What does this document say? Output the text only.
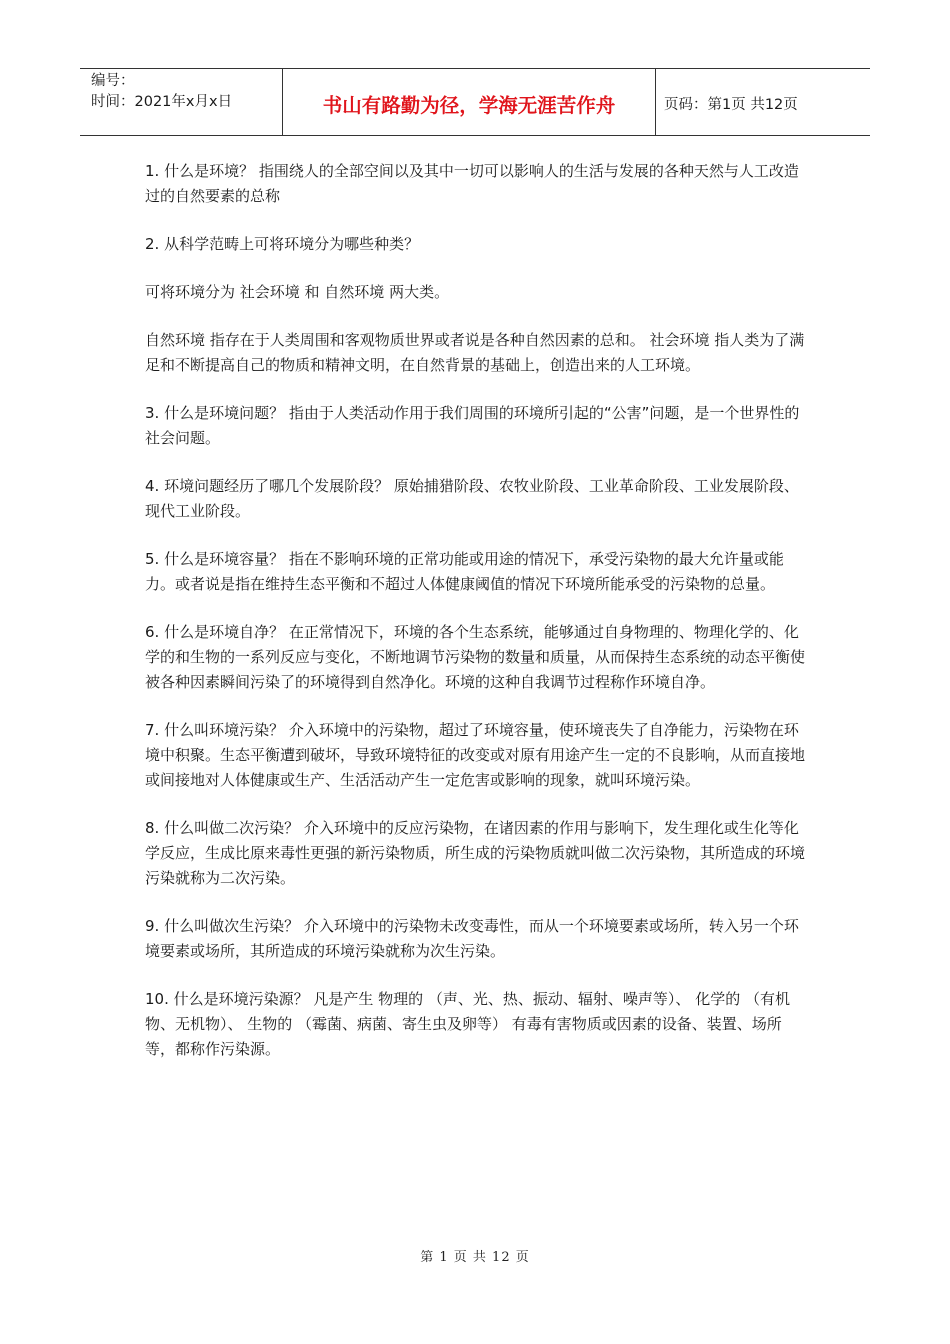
编号：
时间：2021年x月x日	书山有路勤为径，学海无涯苦作舟	页码：第1页 共12页

1. 什么是环境？ 指围绕人的全部空间以及其中一切可以影响人的生活与发展的各种天然与人工改造过的自然要素的总称

2. 从科学范畴上可将环境分为哪些种类？

可将环境分为 社会环境 和 自然环境 两大类。

自然环境 指存在于人类周围和客观物质世界或者说是各种自然因素的总和。 社会环境 指人类为了满足和不断提高自己的物质和精神文明，在自然背景的基础上，创造出来的人工环境。

3. 什么是环境问题？ 指由于人类活动作用于我们周围的环境所引起的“公害”问题，是一个世界性的社会问题。

4. 环境问题经历了哪几个发展阶段？ 原始捕猎阶段、农牧业阶段、工业革命阶段、工业发展阶段、现代工业阶段。

5. 什么是环境容量？ 指在不影响环境的正常功能或用途的情况下，承受污染物的最大允许量或能力。或者说是指在维持生态平衡和不超过人体健康阈值的情况下环境所能承受的污染物的总量。

6. 什么是环境自净？ 在正常情况下，环境的各个生态系统，能够通过自身物理的、物理化学的、化学的和生物的一系列反应与变化，不断地调节污染物的数量和质量，从而保持生态系统的动态平衡使被各种因素瞬间污染了的环境得到自然净化。环境的这种自我调节过程称作环境自净。

7. 什么叫环境污染？ 介入环境中的污染物，超过了环境容量，使环境丧失了自净能力，污染物在环境中积聚。生态平衡遭到破坏，导致环境特征的改变或对原有用途产生一定的不良影响，从而直接地或间接地对人体健康或生产、生活活动产生一定危害或影响的现象，就叫环境污染。

8. 什么叫做二次污染？ 介入环境中的反应污染物，在诸因素的作用与影响下，发生理化或生化等化学反应，生成比原来毒性更强的新污染物质，所生成的污染物质就叫做二次污染物，其所造成的环境污染就称为二次污染。

9. 什么叫做次生污染？ 介入环境中的污染物未改变毒性，而从一个环境要素或场所，转入另一个环境要素或场所，其所造成的环境污染就称为次生污染。

10. 什么是环境污染源？ 凡是产生 物理的 （声、光、热、振动、辐射、噪声等）、 化学的 （有机物、无机物）、 生物的 （霉菌、病菌、寄生虫及卵等） 有毒有害物质或因素的设备、装置、场所等，都称作污染源。

第 1 页 共 12 页
